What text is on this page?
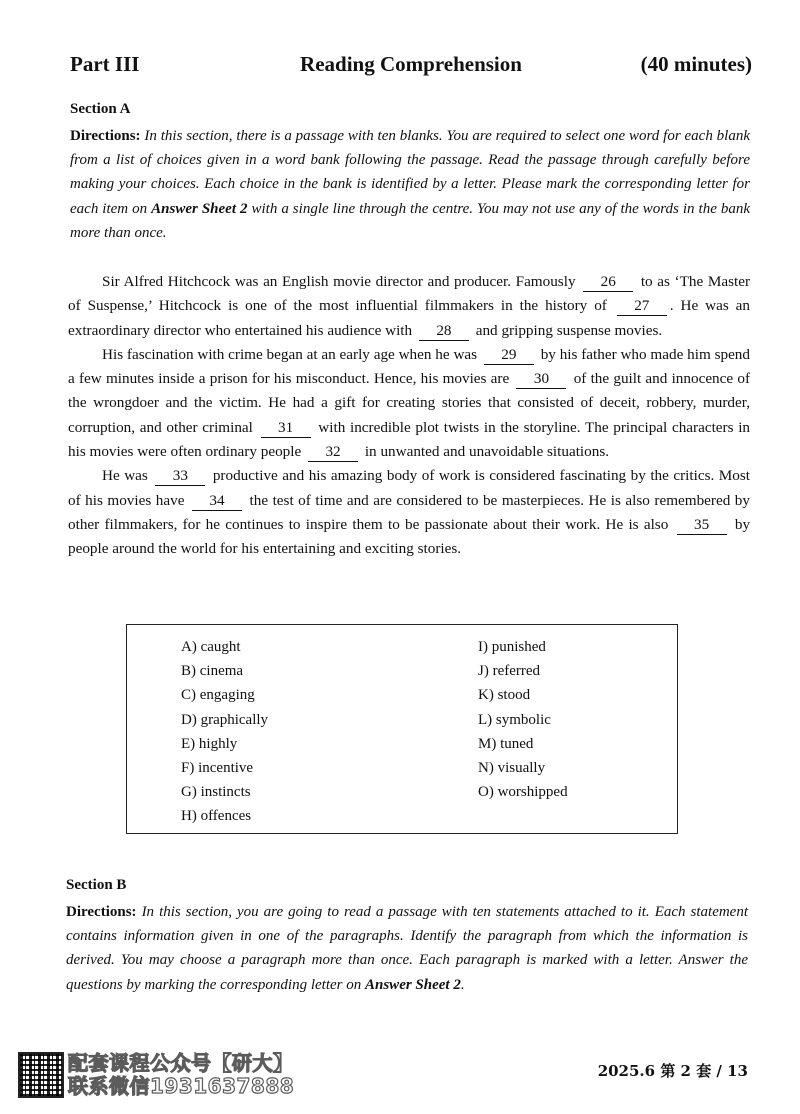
Part III	Reading Comprehension	(40 minutes)
Section A
Directions: In this section, there is a passage with ten blanks. You are required to select one word for each blank from a list of choices given in a word bank following the passage. Read the passage through carefully before making your choices. Each choice in the bank is identified by a letter. Please mark the corresponding letter for each item on Answer Sheet 2 with a single line through the centre. You may not use any of the words in the bank more than once.

Sir Alfred Hitchcock was an English movie director and producer. Famously 26 to as ‘The Master of Suspense,’ Hitchcock is one of the most influential filmmakers in the history of 27 . He was an extraordinary director who entertained his audience with 28 and gripping suspense movies.

His fascination with crime began at an early age when he was 29 by his father who made him spend a few minutes inside a prison for his misconduct. Hence, his movies are 30 of the guilt and innocence of the wrongdoer and the victim. He had a gift for creating stories that consisted of deceit, robbery, murder, corruption, and other criminal 31 with incredible plot twists in the storyline. The principal characters in his movies were often ordinary people 32 in unwanted and unavoidable situations.

He was 33 productive and his amazing body of work is considered fascinating by the critics. Most of his movies have 34 the test of time and are considered to be masterpieces. He is also remembered by other filmmakers, for he continues to inspire them to be passionate about their work. He is also 35 by people around the world for his entertaining and exciting stories.

A) caught
B) cinema
C) engaging
D) graphically
E) highly
F) incentive
G) instincts
H) offences
I) punished
J) referred
K) stood
L) symbolic
M) tuned
N) visually
O) worshipped
Section B
Directions: In this section, you are going to read a passage with ten statements attached to it. Each statement contains information given in one of the paragraphs. Identify the paragraph from which the information is derived. You may choose a paragraph more than once. Each paragraph is marked with a letter. Answer the questions by marking the corresponding letter on Answer Sheet 2.
配套课程公众号【研大】
联系微信1931637888
2025.6 第 2 套 / 13
